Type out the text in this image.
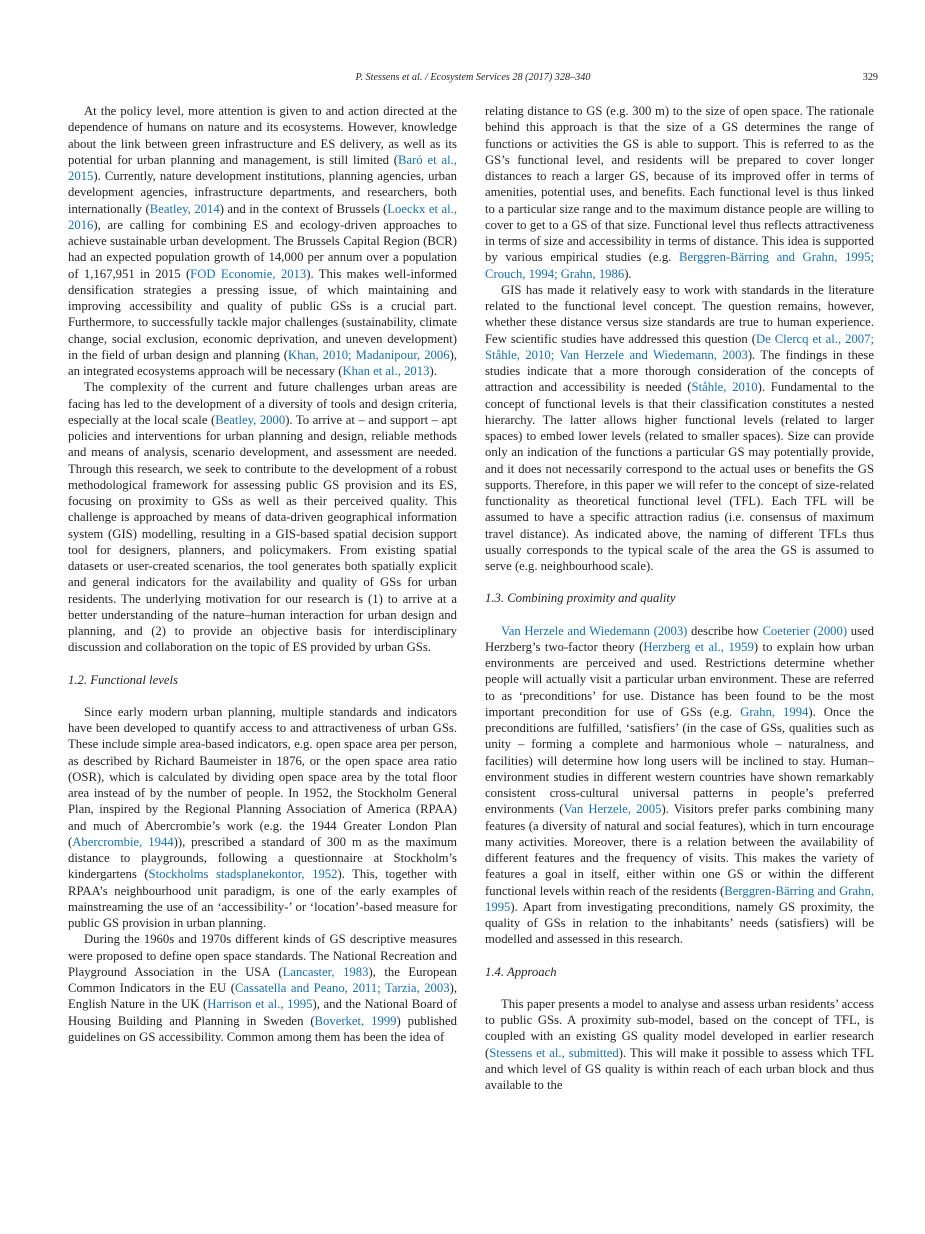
P. Stessens et al. / Ecosystem Services 28 (2017) 328–340	329

At the policy level, more attention is given to and action directed at the dependence of humans on nature and its ecosystems. However, knowledge about the link between green infrastructure and ES delivery, as well as its potential for urban planning and management, is still limited (Baró et al., 2015). Currently, nature development institutions, planning agencies, urban development agencies, infrastructure departments, and researchers, both internationally (Beatley, 2014) and in the context of Brussels (Loeckx et al., 2016), are calling for combining ES and ecology-driven approaches to achieve sustainable urban development. The Brussels Capital Region (BCR) had an expected population growth of 14,000 per annum over a population of 1,167,951 in 2015 (FOD Economie, 2013). This makes well-informed densification strategies a pressing issue, of which maintaining and improving accessibility and quality of public GSs is a crucial part. Furthermore, to successfully tackle major challenges (sustainability, climate change, social exclusion, economic deprivation, and uneven development) in the field of urban design and planning (Khan, 2010; Madanipour, 2006), an integrated ecosystems approach will be necessary (Khan et al., 2013).

The complexity of the current and future challenges urban areas are facing has led to the development of a diversity of tools and design criteria, especially at the local scale (Beatley, 2000). To arrive at – and support – apt policies and interventions for urban planning and design, reliable methods and means of analysis, scenario development, and assessment are needed. Through this research, we seek to contribute to the development of a robust methodological framework for assessing public GS provision and its ES, focusing on proximity to GSs as well as their perceived quality. This challenge is approached by means of data-driven geographical information system (GIS) modelling, resulting in a GIS-based spatial decision support tool for designers, planners, and policymakers. From existing spatial datasets or user-created scenarios, the tool generates both spatially explicit and general indicators for the availability and quality of GSs for urban residents. The underlying motivation for our research is (1) to arrive at a better understanding of the nature–human interaction for urban design and planning, and (2) to provide an objective basis for interdisciplinary discussion and collaboration on the topic of ES provided by urban GSs.

1.2. Functional levels

Since early modern urban planning, multiple standards and indicators have been developed to quantify access to and attractiveness of urban GSs. These include simple area-based indicators, e.g. open space area per person, as described by Richard Baumeister in 1876, or the open space area ratio (OSR), which is calculated by dividing open space area by the total floor area instead of by the number of people. In 1952, the Stockholm General Plan, inspired by the Regional Planning Association of America (RPAA) and much of Abercrombie’s work (e.g. the 1944 Greater London Plan (Abercrombie, 1944)), prescribed a standard of 300 m as the maximum distance to playgrounds, following a questionnaire at Stockholm’s kindergartens (Stockholms stadsplanekontor, 1952). This, together with RPAA’s neighbourhood unit paradigm, is one of the early examples of mainstreaming the use of an ‘accessibility-’ or ‘location’-based measure for public GS provision in urban planning.

During the 1960s and 1970s different kinds of GS descriptive measures were proposed to define open space standards. The National Recreation and Playground Association in the USA (Lancaster, 1983), the European Common Indicators in the EU (Cassatella and Peano, 2011; Tarzia, 2003), English Nature in the UK (Harrison et al., 1995), and the National Board of Housing Building and Planning in Sweden (Boverket, 1999) published guidelines on GS accessibility. Common among them has been the idea of

relating distance to GS (e.g. 300 m) to the size of open space. The rationale behind this approach is that the size of a GS determines the range of functions or activities the GS is able to support. This is referred to as the GS’s functional level, and residents will be prepared to cover longer distances to reach a larger GS, because of its improved offer in terms of amenities, potential uses, and benefits. Each functional level is thus linked to a particular size range and to the maximum distance people are willing to cover to get to a GS of that size. Functional level thus reflects attractiveness in terms of size and accessibility in terms of distance. This idea is supported by various empirical studies (e.g. Berggren-Bärring and Grahn, 1995; Crouch, 1994; Grahn, 1986).

GIS has made it relatively easy to work with standards in the literature related to the functional level concept. The question remains, however, whether these distance versus size standards are true to human experience. Few scientific studies have addressed this question (De Clercq et al., 2007; Ståhle, 2010; Van Herzele and Wiedemann, 2003). The findings in these studies indicate that a more thorough consideration of the concepts of attraction and accessibility is needed (Ståhle, 2010). Fundamental to the concept of functional levels is that their classification constitutes a nested hierarchy. The latter allows higher functional levels (related to larger spaces) to embed lower levels (related to smaller spaces). Size can provide only an indication of the functions a particular GS may potentially provide, and it does not necessarily correspond to the actual uses or benefits the GS supports. Therefore, in this paper we will refer to the concept of size-related functionality as theoretical functional level (TFL). Each TFL will be assumed to have a specific attraction radius (i.e. consensus of maximum travel distance). As indicated above, the naming of different TFLs thus usually corresponds to the typical scale of the area the GS is assumed to serve (e.g. neighbourhood scale).

1.3. Combining proximity and quality

Van Herzele and Wiedemann (2003) describe how Coeterier (2000) used Herzberg’s two-factor theory (Herzberg et al., 1959) to explain how urban environments are perceived and used. Restrictions determine whether people will actually visit a particular urban environment. These are referred to as ‘preconditions’ for use. Distance has been found to be the most important precondition for use of GSs (e.g. Grahn, 1994). Once the preconditions are fulfilled, ‘satisfiers’ (in the case of GSs, qualities such as unity – forming a complete and harmonious whole – naturalness, and facilities) will determine how long users will be inclined to stay. Human–environment studies in different western countries have shown remarkably consistent cross-cultural universal patterns in people’s preferred environments (Van Herzele, 2005). Visitors prefer parks combining many features (a diversity of natural and social features), which in turn encourage many activities. Moreover, there is a relation between the availability of different features and the frequency of visits. This makes the variety of features a goal in itself, either within one GS or within the different functional levels within reach of the residents (Berggren-Bärring and Grahn, 1995). Apart from investigating preconditions, namely GS proximity, the quality of GSs in relation to the inhabitants’ needs (satisfiers) will be modelled and assessed in this research.

1.4. Approach

This paper presents a model to analyse and assess urban residents’ access to public GSs. A proximity sub-model, based on the concept of TFL, is coupled with an existing GS quality model developed in earlier research (Stessens et al., submitted). This will make it possible to assess which TFL and which level of GS quality is within reach of each urban block and thus available to the
